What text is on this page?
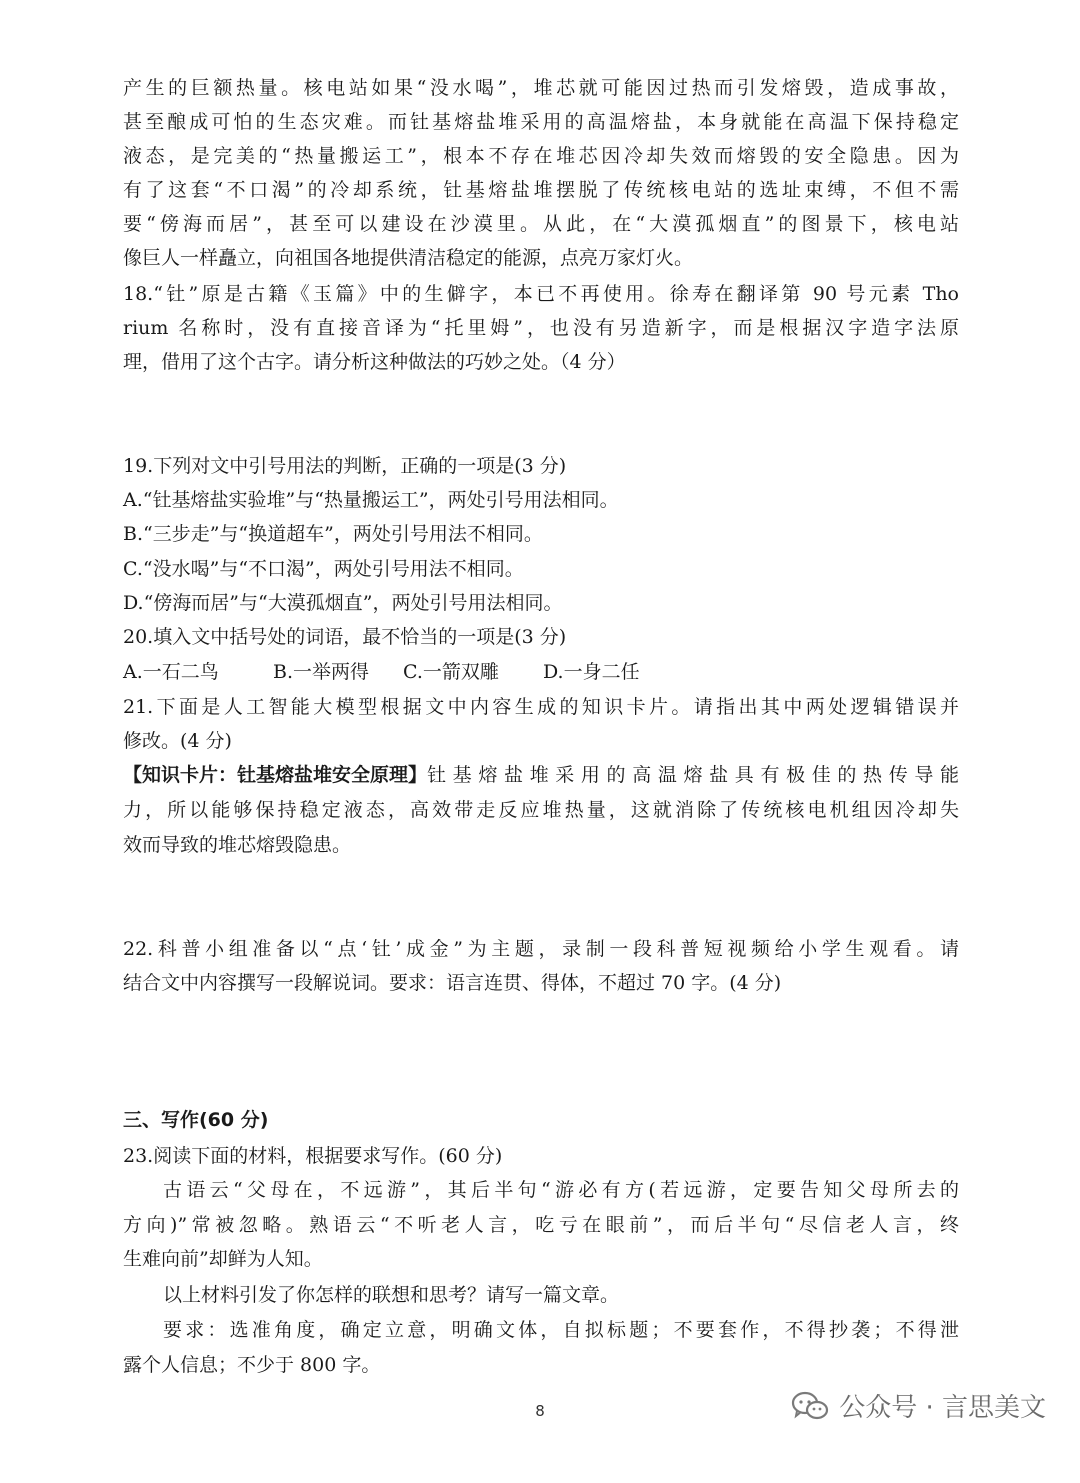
产生的巨额热量。核电站如果“没水喝”，堆芯就可能因过热而引发熔毁，造成事故，
甚至酿成可怕的生态灾难。而钍基熔盐堆采用的高温熔盐，本身就能在高温下保持稳定
液态，是完美的“热量搬运工”，根本不存在堆芯因冷却失效而熔毁的安全隐患。因为
有了这套“不口渴”的冷却系统，钍基熔盐堆摆脱了传统核电站的选址束缚，不但不需
要“傍海而居”，甚至可以建设在沙漠里。从此，在“大漠孤烟直”的图景下，核电站
像巨人一样矗立，向祖国各地提供清洁稳定的能源，点亮万家灯火。
18.“钍”原是古籍《玉篇》中的生僻字，本已不再使用。徐寿在翻译第 90 号元素 Tho
rium 名称时，没有直接音译为“托里姆”，也没有另造新字，而是根据汉字造字法原
理，借用了这个古字。请分析这种做法的巧妙之处。（4 分）
19.下列对文中引号用法的判断，正确的一项是(3 分)
A.“钍基熔盐实验堆”与“热量搬运工”，两处引号用法相同。
B.“三步走”与“换道超车”，两处引号用法不相同。
C.“没水喝”与“不口渴”，两处引号用法不相同。
D.“傍海而居”与“大漠孤烟直”，两处引号用法相同。
20.填入文中括号处的词语，最不恰当的一项是(3 分)
A.一石二鸟	B.一举两得 C.一箭双雕 D.一身二任
21.下面是人工智能大模型根据文中内容生成的知识卡片。请指出其中两处逻辑错误并
修改。(4 分)
【知识卡片：钍基熔盐堆安全原理】 钍基熔盐堆采用的高温熔盐具有极佳的热传导能
力，所以能够保持稳定液态，高效带走反应堆热量，这就消除了传统核电机组因冷却失
效而导致的堆芯熔毁隐患。
22.科普小组准备以“点‘钍’成金”为主题，录制一段科普短视频给小学生观看。请
结合文中内容撰写一段解说词。要求：语言连贯、得体，不超过 70 字。(4 分)
三、写作(60 分)
23.阅读下面的材料，根据要求写作。(60 分)
古语云“父母在，不远游”，其后半句“游必有方(若远游，定要告知父母所去的
方向)”常被忽略。熟语云“不听老人言，吃亏在眼前”，而后半句“尽信老人言，终
生难向前”却鲜为人知。
以上材料引发了你怎样的联想和思考？请写一篇文章。
要求：选准角度，确定立意，明确文体，自拟标题；不要套作，不得抄袭；不得泄
露个人信息；不少于 800 字。
8	公众号 · 言思美文
